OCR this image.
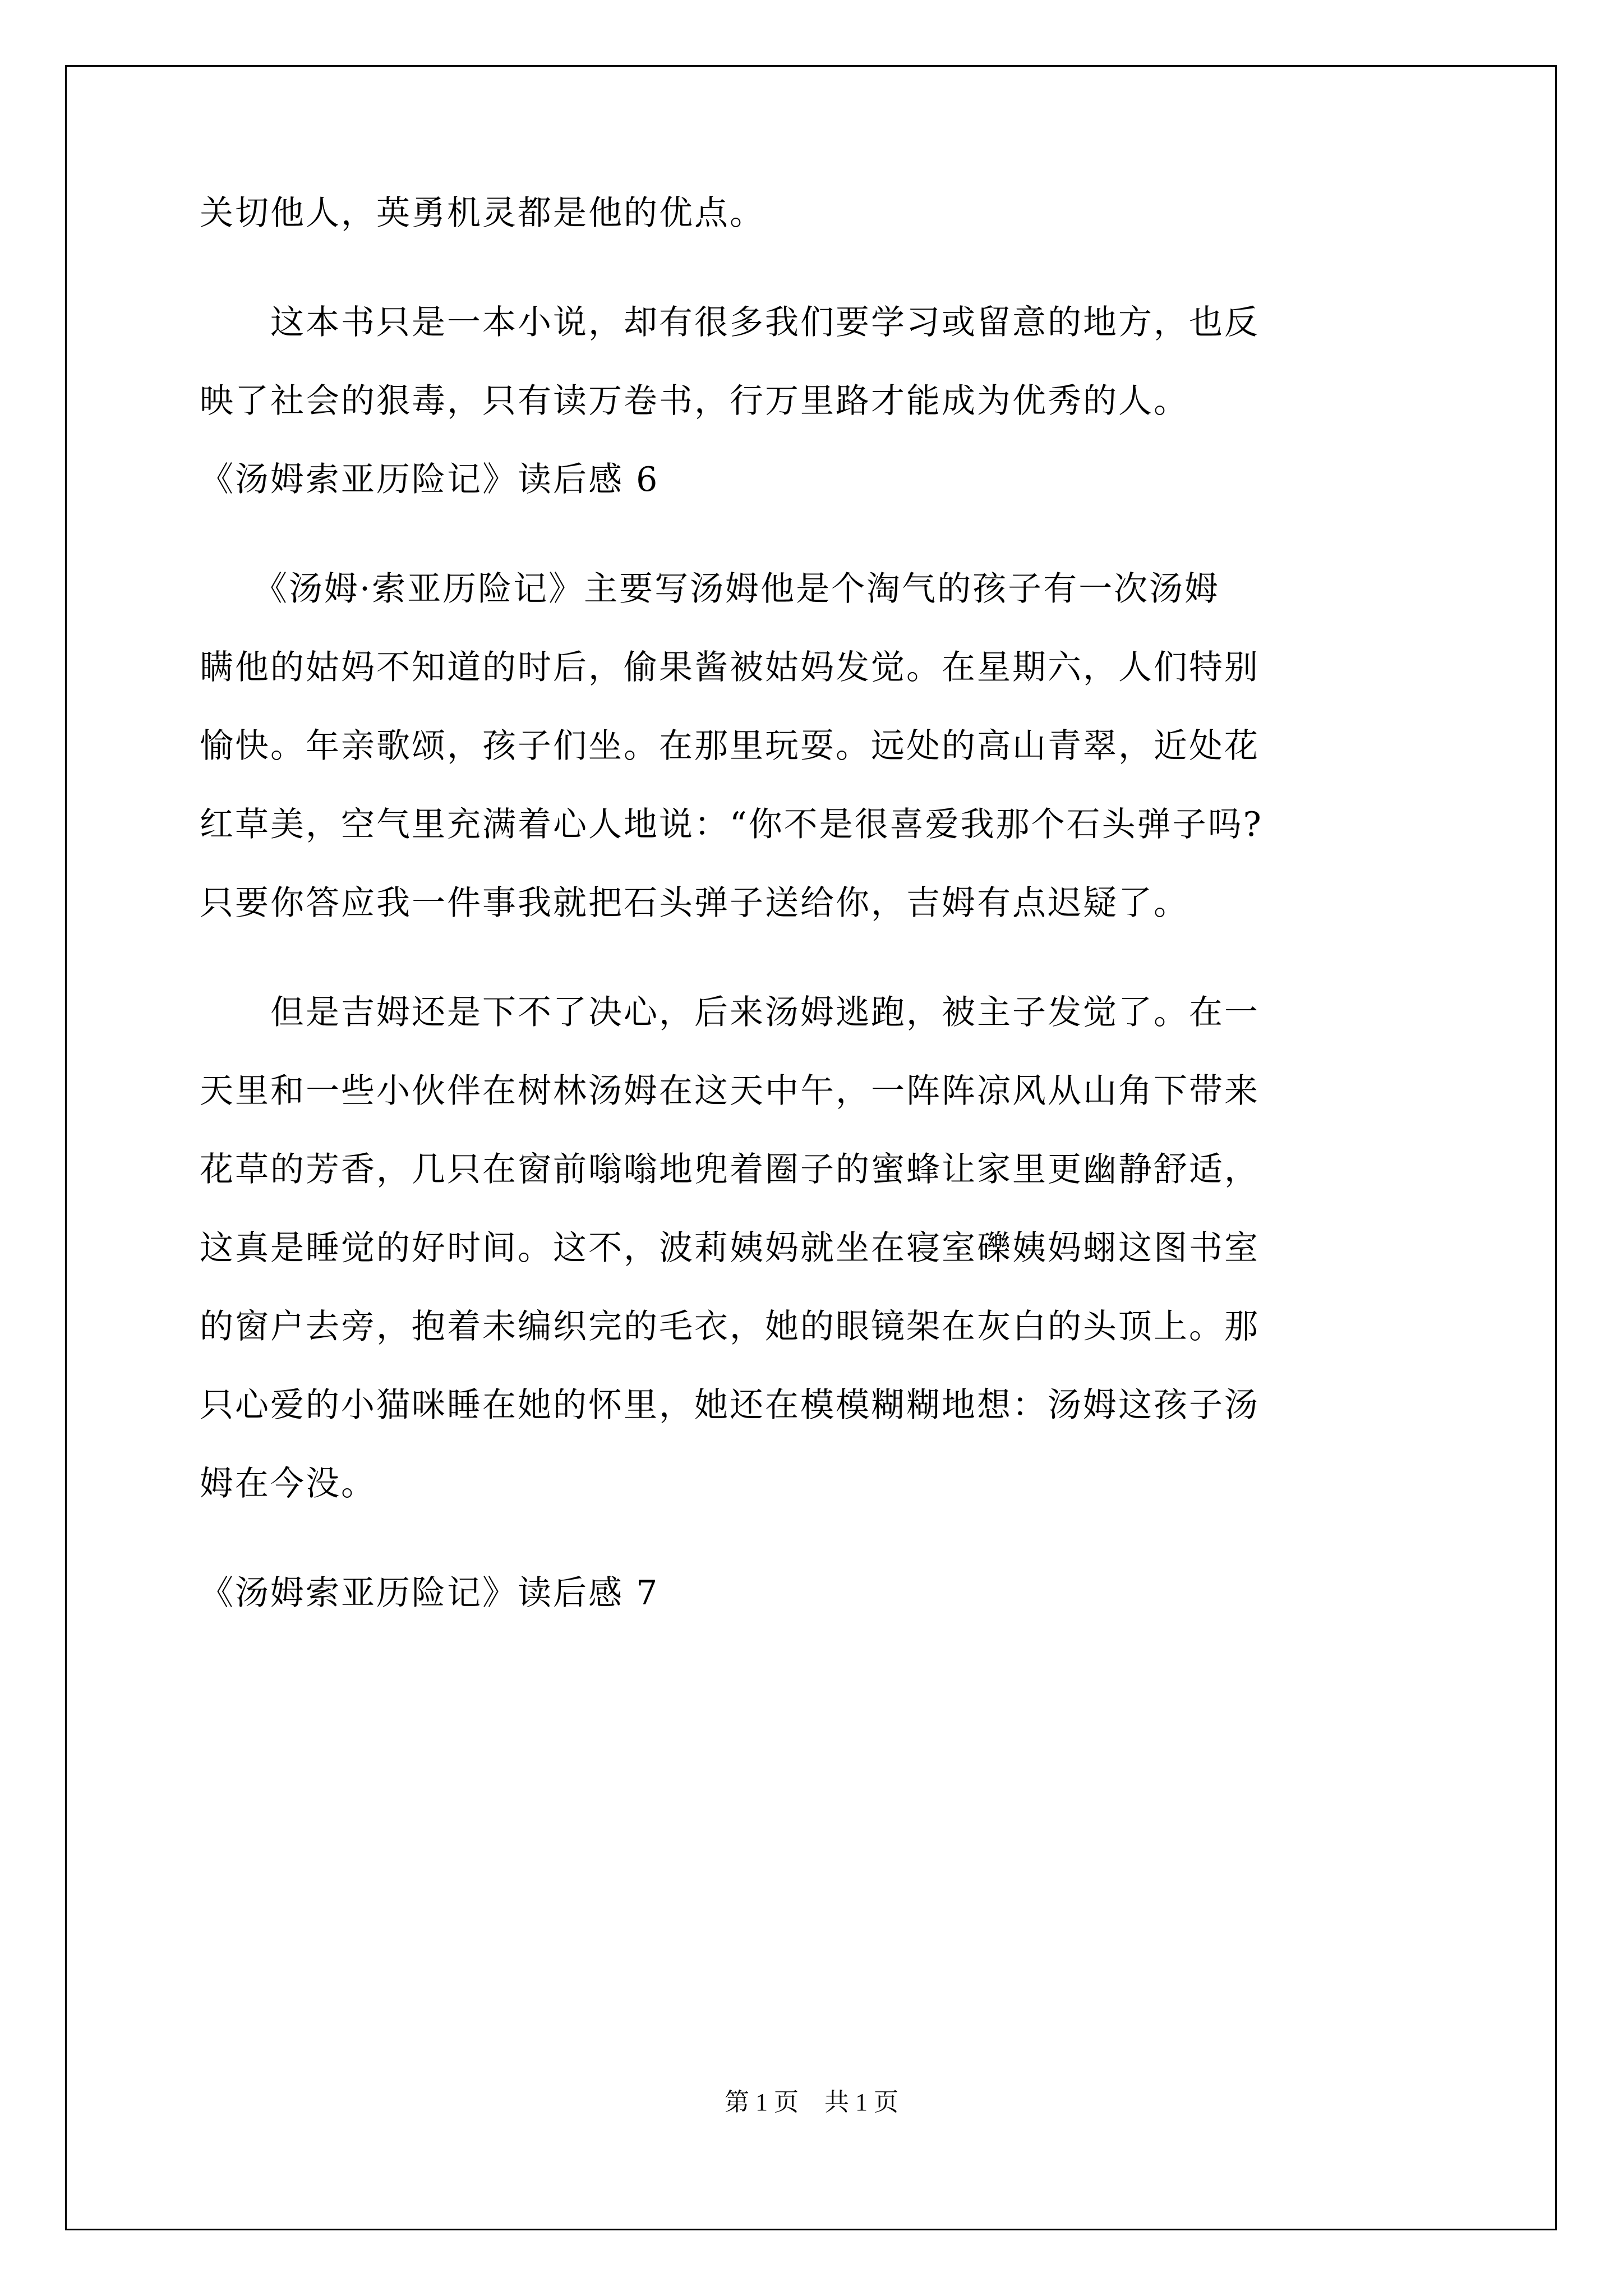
关切他人，英勇机灵都是他的优点。
　　这本书只是一本小说，却有很多我们要学习或留意的地方，也反
映了社会的狠毒，只有读万卷书，行万里路才能成为优秀的人。
《汤姆索亚历险记》读后感 6
　　《汤姆·索亚历险记》主要写汤姆他是个淘气的孩子有一次汤姆
瞒他的姑妈不知道的时后，偷果酱被姑妈发觉。在星期六，人们特别
愉快。年亲歌颂，孩子们坐。在那里玩耍。远处的高山青翠，近处花
红草美，空气里充满着心人地说：“你不是很喜爱我那个石头弹子吗?
只要你答应我一件事我就把石头弹子送给你，吉姆有点迟疑了。
　　但是吉姆还是下不了决心，后来汤姆逃跑，被主子发觉了。在一
天里和一些小伙伴在树林汤姆在这天中午，一阵阵凉风从山角下带来
花草的芳香，几只在窗前嗡嗡地兜着圈子的蜜蜂让家里更幽静舒适，
这真是睡觉的好时间。这不，波莉姨妈就坐在寝室礫姨妈蛡这图书室
的窗户去旁，抱着未编织完的毛衣，她的眼镜架在灰白的头顶上。那
只心爱的小猫咪睡在她的怀里，她还在模模糊糊地想：汤姆这孩子汤
姆在今没。
《汤姆索亚历险记》读后感 7
第 1 页 共 1 页
